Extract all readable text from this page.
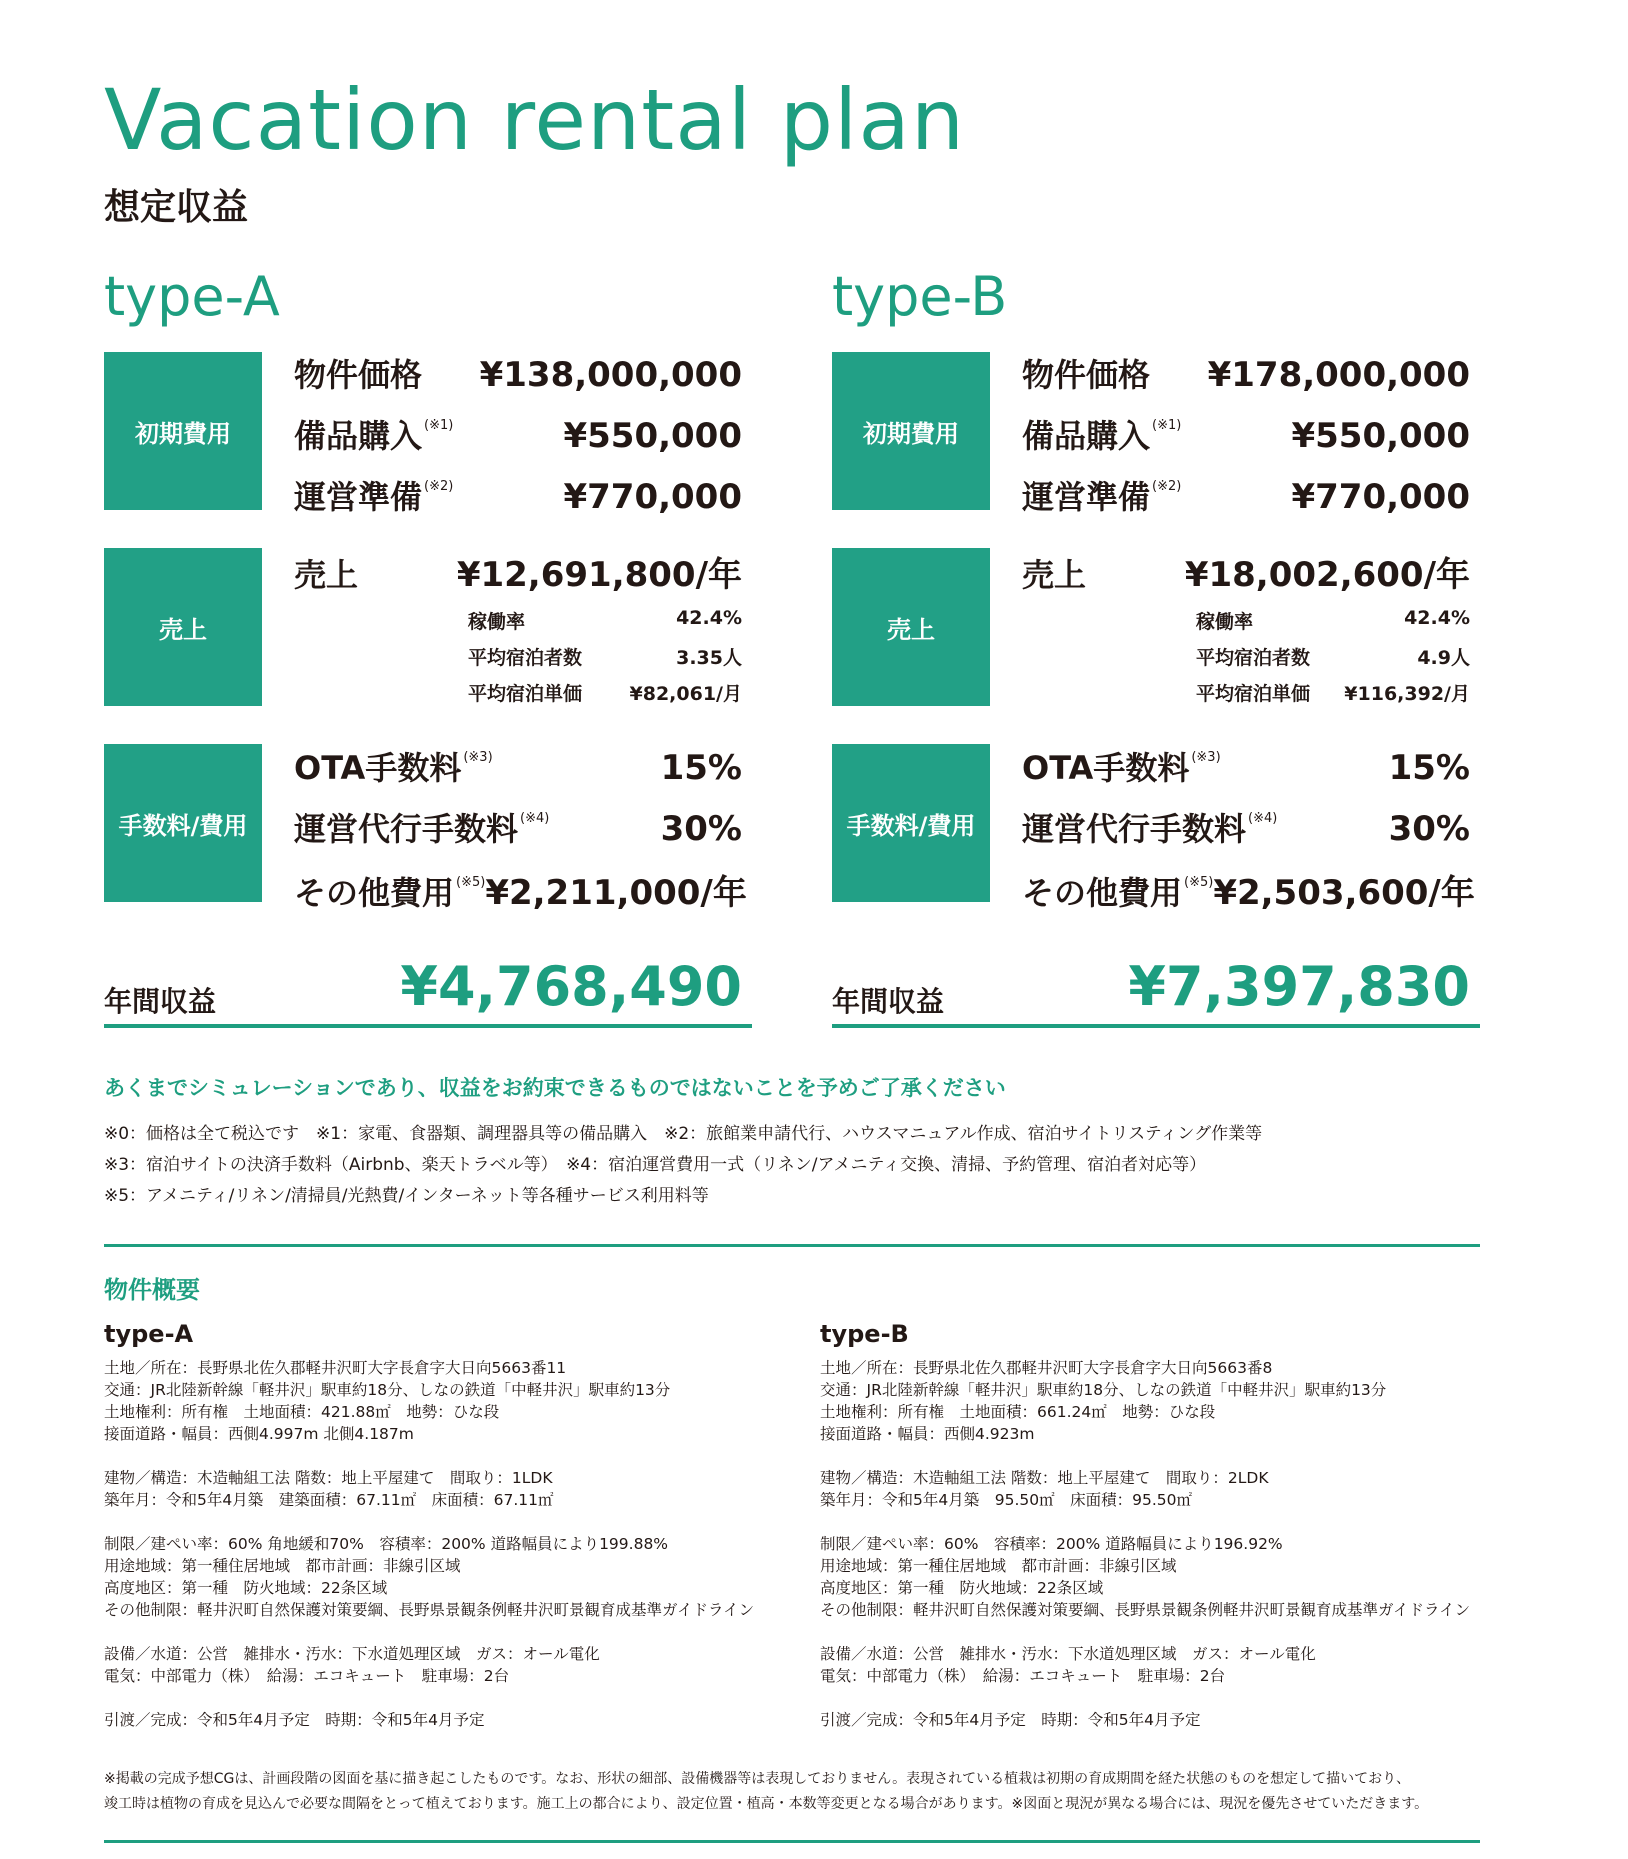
Vacation rental plan
想定収益
type-A
初期費用
物件価格 ¥138,000,000
備品購入 $^{(※1)}$	¥550,000
運営準備 $^{(※2)}$	¥770,000
売上
売上	¥12,691,800/年
稼働率	42.4%
平均宿泊者数	3.35人
平均宿泊単価	¥82,061/月
手数料/費用
OTA手数料 $^{(※3)}$	15%
運営代行手数料 $^{(※4)}$	30%
その他費用 $^{(※5)}$ ¥2,211,000/年
年間収益	¥4,768,490
type-B
初期費用
物件価格 ¥178,000,000
備品購入 $^{(※1)}$	¥550,000
運営準備 $^{(※2)}$	¥770,000
売上
売上	¥18,002,600/年
稼働率	42.4%
平均宿泊者数	4.9人
平均宿泊単価 ¥116,392/月
手数料/費用
OTA手数料 $^{(※3)}$	15%
運営代行手数料 $^{(※4)}$	30%
その他費用 $^{(※5)}$ ¥2,503,600/年
年間収益	¥7,397,830
あくまでシミュレーションであり、収益をお約束できるものではないことを予めご了承ください
※0：価格は全て税込です　※1：家電、食器類、調理器具等の備品購入　※2：旅館業申請代行、ハウスマニュアル作成、宿泊サイトリスティング作業等
※3：宿泊サイトの決済手数料（Airbnb、楽天トラベル等）　※4：宿泊運営費用一式（リネン/アメニティ交換、清掃、予約管理、宿泊者対応等）
※5：アメニティ/リネン/清掃員/光熱費/インターネット等各種サービス利用料等
物件概要
type-A	type-B
土地／所在：長野県北佐久郡軽井沢町大字長倉字大日向5663番11
交通：JR北陸新幹線「軽井沢」駅車約18分、しなの鉄道「中軽井沢」駅車約13分
土地権利：所有権　土地面積：421.88㎡　地勢：ひな段
接面道路・幅員：西側4.997m 北側4.187m
建物／構造：木造軸組工法 階数：地上平屋建て　間取り：1LDK
築年月：令和5年4月築　建築面積：67.11㎡　床面積：67.11㎡
制限／建ぺい率：60% 角地緩和70%　容積率：200% 道路幅員により199.88%
用途地域：第一種住居地域　都市計画：非線引区域
高度地区：第一種　防火地域：22条区域
その他制限：軽井沢町自然保護対策要綱、長野県景観条例軽井沢町景観育成基準ガイドライン
設備／水道：公営　雑排水・汚水：下水道処理区域　ガス：オール電化
電気：中部電力（株）　給湯：エコキュート　駐車場：2台
引渡／完成：令和5年4月予定　時期：令和5年4月予定
土地／所在：長野県北佐久郡軽井沢町大字長倉字大日向5663番8
交通：JR北陸新幹線「軽井沢」駅車約18分、しなの鉄道「中軽井沢」駅車約13分
土地権利：所有権　土地面積：661.24㎡　地勢：ひな段
接面道路・幅員：西側4.923m
建物／構造：木造軸組工法 階数：地上平屋建て　間取り：2LDK
築年月：令和5年4月築　95.50㎡　床面積：95.50㎡
制限／建ぺい率：60%　容積率：200% 道路幅員により196.92%
用途地域：第一種住居地域　都市計画：非線引区域
高度地区：第一種　防火地域：22条区域
その他制限：軽井沢町自然保護対策要綱、長野県景観条例軽井沢町景観育成基準ガイドライン
設備／水道：公営　雑排水・汚水：下水道処理区域　ガス：オール電化
電気：中部電力（株）　給湯：エコキュート　駐車場：2台
引渡／完成：令和5年4月予定　時期：令和5年4月予定
※掲載の完成予想CGは、計画段階の図面を基に描き起こしたものです。なお、形状の細部、設備機器等は表現しておりません。表現されている植栽は初期の育成期間を経た状態のものを想定して描いており、
竣工時は植物の育成を見込んで必要な間隔をとって植えております。施工上の都合により、設定位置・植高・本数等変更となる場合があります。※図面と現況が異なる場合には、現況を優先させていただきます。
